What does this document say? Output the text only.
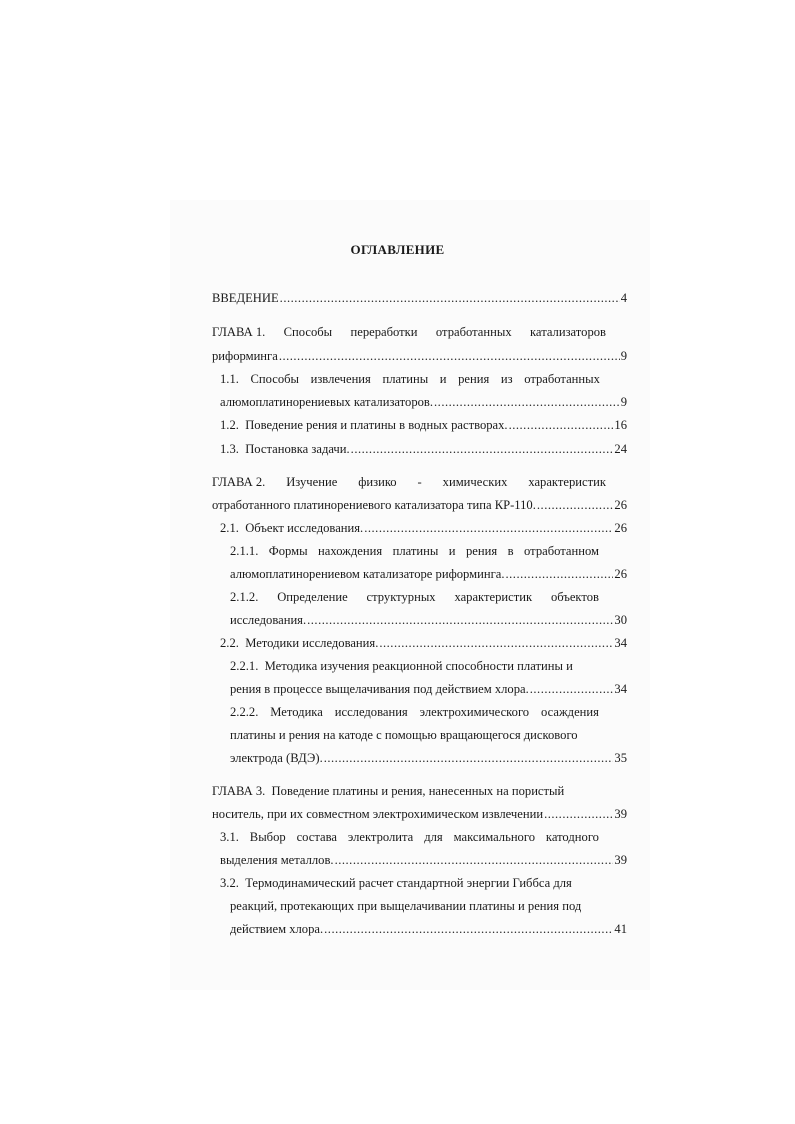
ОГЛАВЛЕНИЕ
ВВЕДЕНИЕ .....	4
ГЛАВА 1. Способы переработки отработанных катализаторов
риформинга .....	9
1.1. Способы извлечения платины и рения из отработанных
алюмоплатинорениевых катализаторов. .....	9
1.2.  Поведение рения и платины в водных растворах. .....	16
1.3.  Постановка задачи. .....	24
ГЛАВА 2. Изучение физико - химических характеристик
отработанного платинорениевого катализатора типа КР-110. .....	26
2.1.  Объект исследования. .....	26
2.1.1. Формы нахождения платины и рения в отработанном
алюмоплатинорениевом катализаторе риформинга. .....	26
2.1.2. Определение структурных характеристик объектов
исследования. .....	30
2.2.  Методики исследования. .....	34
2.2.1.  Методика изучения реакционной способности платины и
рения в процессе выщелачивания под действием хлора. .....	34
2.2.2. Методика исследования электрохимического осаждения
платины и рения на катоде с помощью вращающегося дискового
электрода (ВДЭ). .....	35
ГЛАВА 3.  Поведение платины и рения, нанесенных на пористый
носитель, при их совместном электрохимическом извлечении .....	39
3.1. Выбор состава электролита для максимального катодного
выделения металлов. .....	39
3.2.  Термодинамический расчет стандартной энергии Гиббса для
реакций, протекающих при выщелачивании платины и рения под
действием хлора. .....	41
